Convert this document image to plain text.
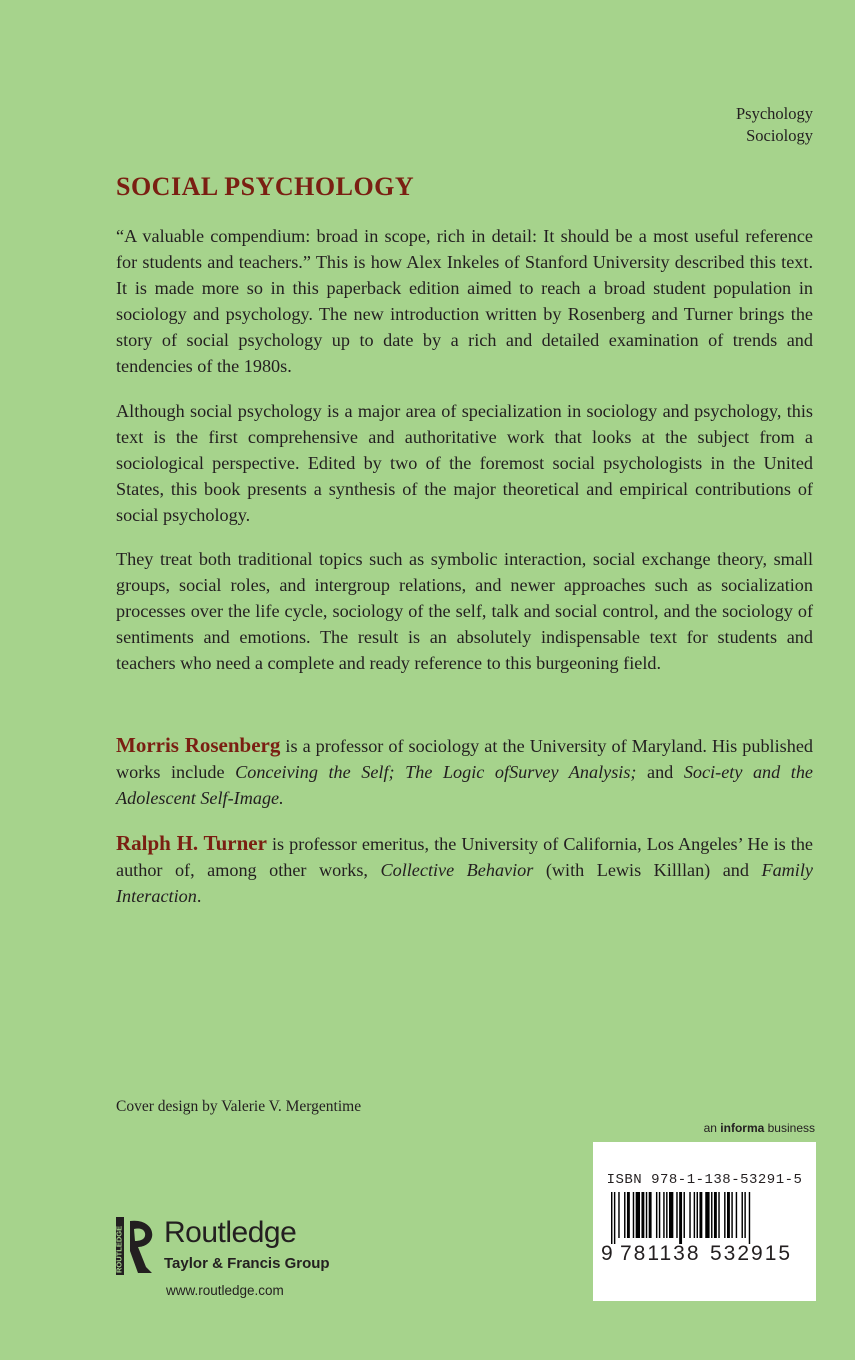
Psychology
Sociology
SOCIAL PSYCHOLOGY

“A valuable compendium: broad in scope, rich in detail: It should be a most useful reference for students and teachers.” This is how Alex Inkeles of Stanford University described this text. It is made more so in this paperback edition aimed to reach a broad student population in sociology and psychology. The new introduction written by Rosenberg and Turner brings the story of social psychology up to date by a rich and detailed examination of trends and tendencies of the 1980s.

Although social psychology is a major area of specialization in sociology and psychology, this text is the first comprehensive and authoritative work that looks at the subject from a sociological perspective. Edited by two of the foremost social psychologists in the United States, this book presents a synthesis of the major theoretical and empirical contributions of social psychology.

They treat both traditional topics such as symbolic interaction, social exchange theory, small groups, social roles, and intergroup relations, and newer approaches such as socialization processes over the life cycle, sociology of the self, talk and social control, and the sociology of sentiments and emotions. The result is an absolutely indispensable text for students and teachers who need a complete and ready reference to this burgeoning field.

Morris Rosenberg is a professor of sociology at the University of Maryland. His published works include Conceiving the Self; The Logic ofSurvey Analysis; and Soci-ety and the Adolescent Self-Image.

Ralph H. Turner is professor emeritus, the University of California, Los Angeles’ He is the author of, among other works, Collective Behavior (with Lewis Killlan) and Family Interaction.

Cover design by Valerie V. Mergentime
an informa business
ISBN 978-1-138-53291-5
9 781138 532915
ROUTLEDGE Routledge
Taylor & Francis Group
www.routledge.com
